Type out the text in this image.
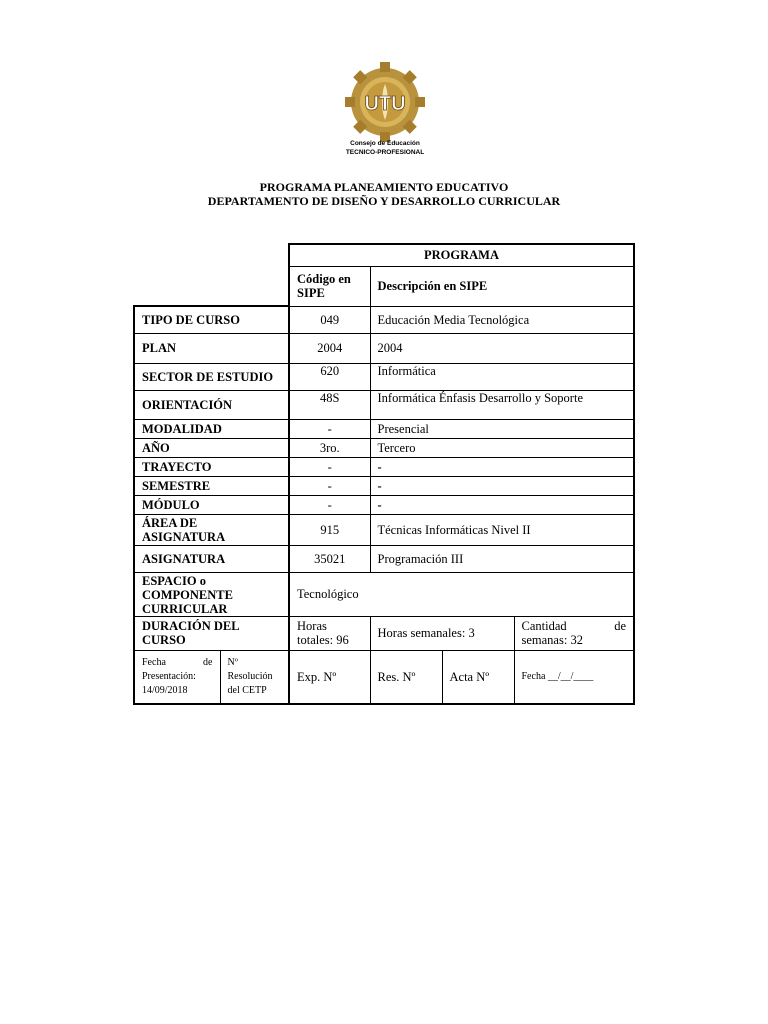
UTU
Consejo de Educación
TECNICO-PROFESIONAL
PROGRAMA PLANEAMIENTO EDUCATIVO
DEPARTAMENTO DE DISEÑO Y DESARROLLO CURRICULAR
		PROGRAMA			
		Código en SIPE	Descripción en SIPE		
TIPO DE CURSO		049	Educación Media Tecnológica		
PLAN		2004	2004		
SECTOR DE ESTUDIO		620	Informática		
ORIENTACIÓN		48S	Informática Énfasis Desarrollo y Soporte		
MODALIDAD		-	Presencial		
AÑO		3ro.	Tercero		
TRAYECTO		-	-		
SEMESTRE		-	-		
MÓDULO		-	-		
ÁREA DE ASIGNATURA		915	Técnicas Informáticas Nivel II		
ASIGNATURA		35021	Programación III		
ESPACIO o COMPONENTE CURRICULAR		Tecnológico			
DURACIÓN DEL CURSO		Horas totales: 96	Horas semanales: 3		Cantidad de
semanas: 32

Fecha de
Presentación:
14/09/2018	Nº Resolución del CETP	Exp. Nº	Res. Nº	Acta Nº	Fecha __/__/____
